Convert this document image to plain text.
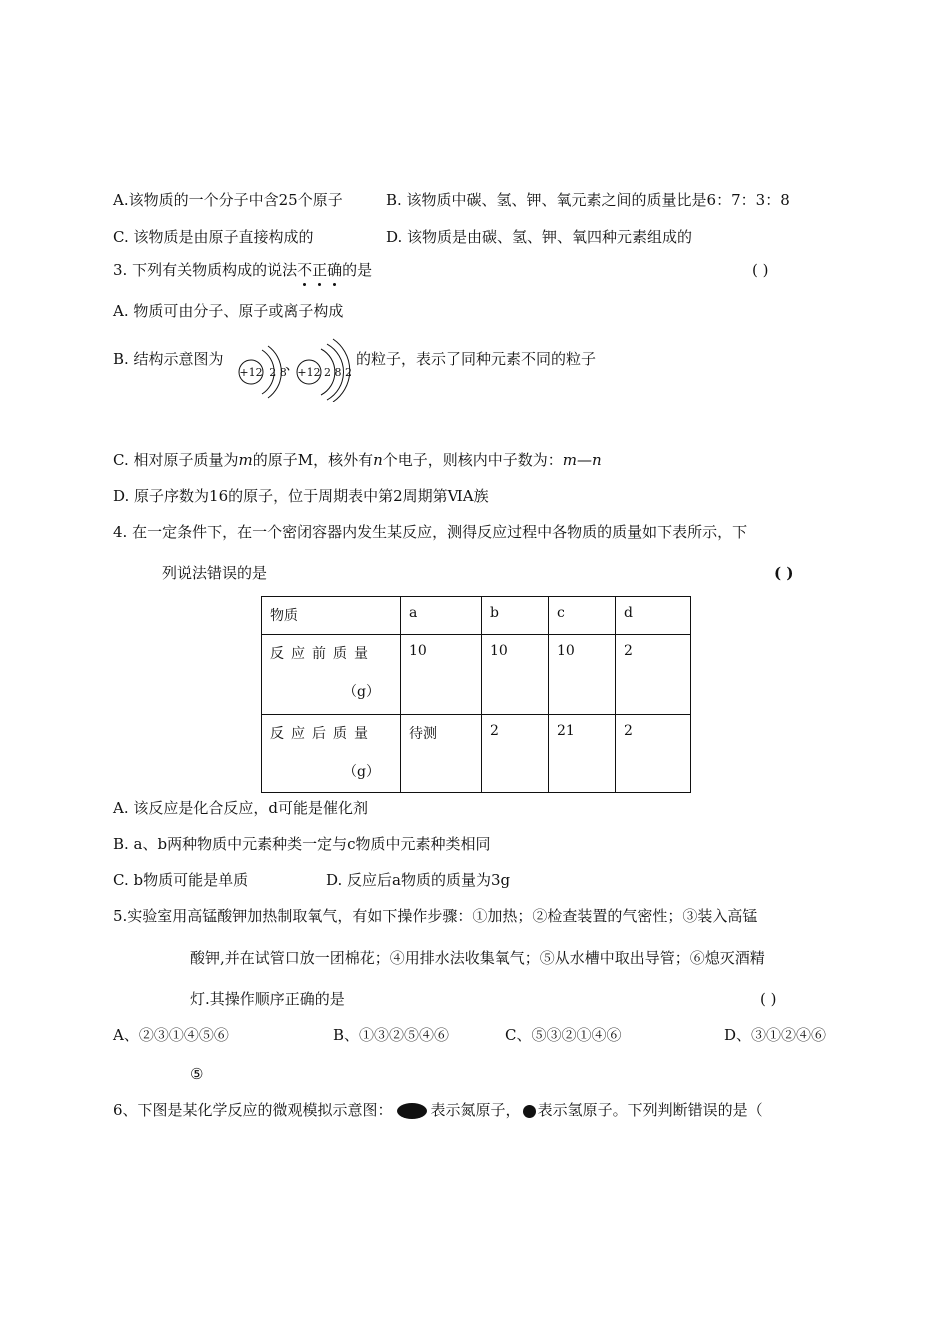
A.该物质的一个分子中含25个原子	B. 该物质中碳、氢、钾、氧元素之间的质量比是6：7：3：8
C. 该物质是由原子直接构成的	D. 该物质是由碳、氢、钾、氧四种元素组成的
3. 下列有关物质构成的说法不正确的是	( )
A. 物质可由分子、原子或离子构成
B. 结构示意图为	、	的粒子，表示了同种元素不同的粒子
+12 2 8 +12 2 8 2
C. 相对原子质量为m的原子M，核外有n个电子，则核内中子数为：m—n
D. 原子序数为16的原子，位于周期表中第2周期第ⅥA族
4. 在一定条件下，在一个密闭容器内发生某反应，测得反应过程中各物质的质量如下表所示，下
列说法错误的是	( )
物质	a	b	c	d
反应前质量
（g）	10	10	10	2
反应后质量
（g）	待测	2	21	2
A. 该反应是化合反应，d可能是催化剂
B. a、b两种物质中元素种类一定与c物质中元素种类相同
C. b物质可能是单质	D. 反应后a物质的质量为3g
5.实验室用高锰酸钾加热制取氧气，有如下操作步骤：①加热；②检查装置的气密性；③装入高锰
酸钾,并在试管口放一团棉花；④用排水法收集氧气；⑤从水槽中取出导管；⑥熄灭酒精
灯.其操作顺序正确的是	( )
A、②③①④⑤⑥	B、①③②⑤④⑥	C、⑤③②①④⑥	D、③①②④⑥
⑤
6、下图是某化学反应的微观模拟示意图：	表示氮原子， 表示氢原子。下列判断错误的是（
